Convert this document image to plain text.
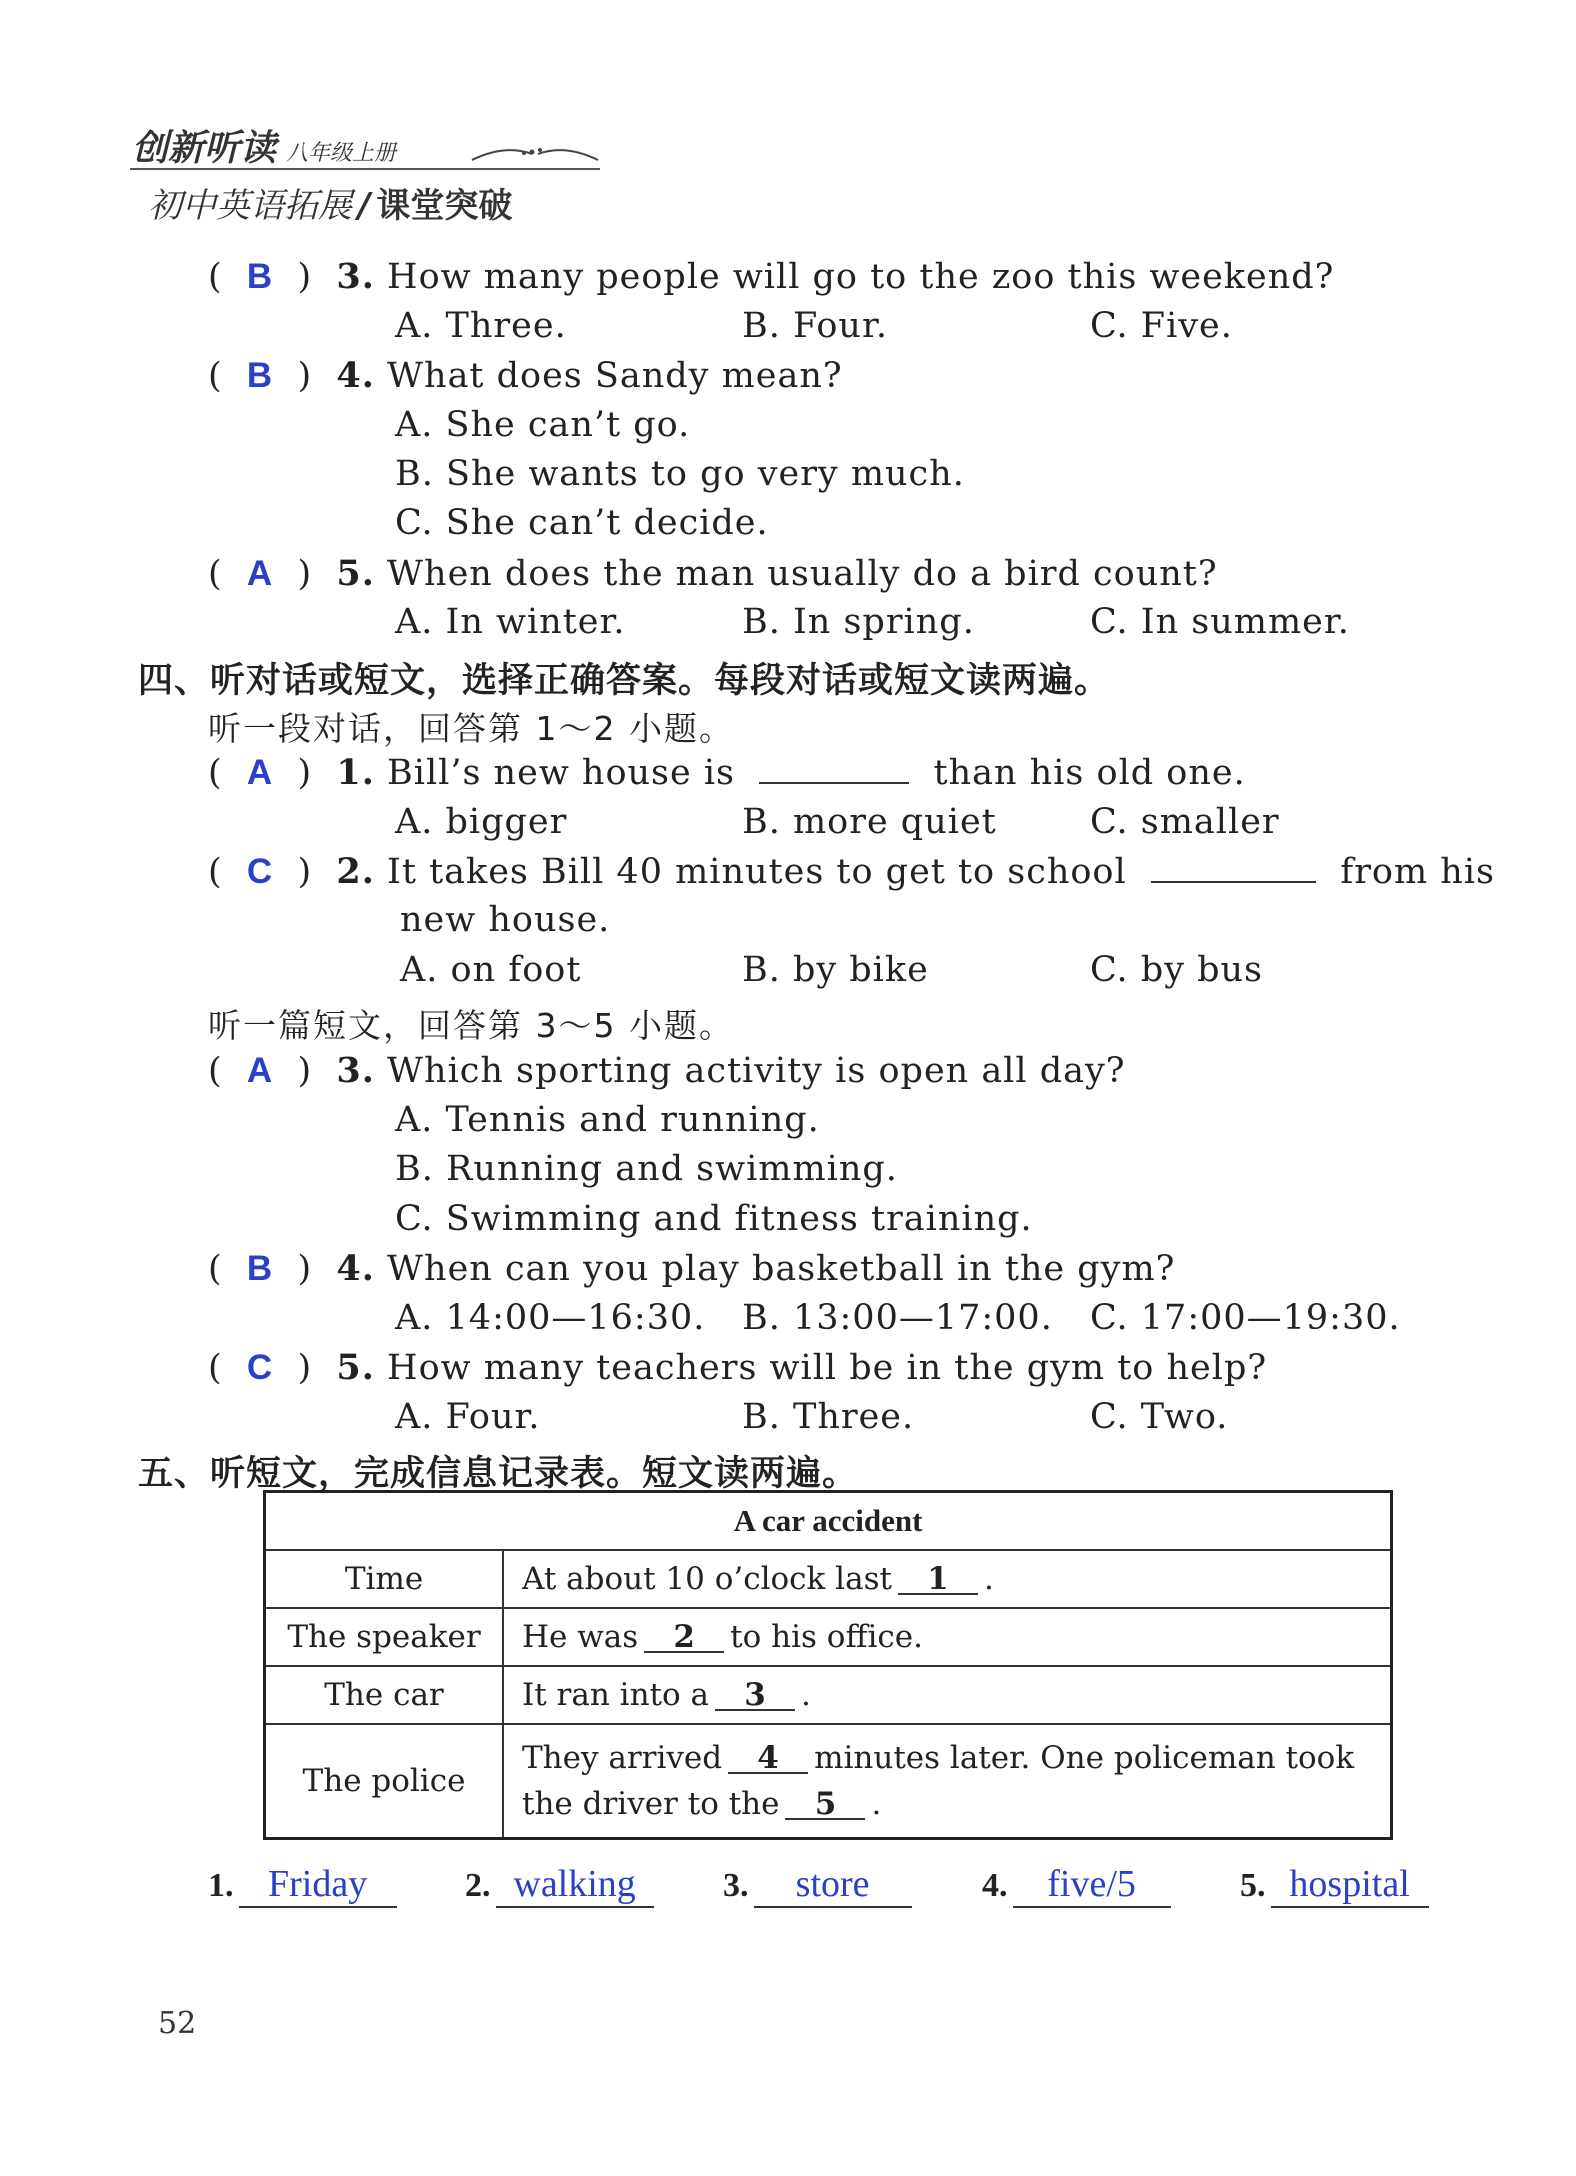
创新听读 八年级上册
初中英语拓展 / 课堂突破
(  B  )  3. How many people will go to the zoo this weekend?
A. Three.	B. Four.	C. Five.
(  B  )  4. What does Sandy mean?
A. She can’t go.
B. She wants to go very much.
C. She can’t decide.
(  A  )  5. When does the man usually do a bird count?
A. In winter.	B. In spring.	C. In summer.
四、听对话或短文，选择正确答案。每段对话或短文读两遍。
听一段对话，回答第 1～2 小题。
(  A  )  1. Bill’s new house is	than his old one.
A. bigger	B. more quiet	C. smaller
(  C  )  2. It takes Bill 40 minutes to get to school	from his
new house.
A. on foot	B. by bike	C. by bus
听一篇短文，回答第 3～5 小题。
(  A  )  3. Which sporting activity is open all day?
A. Tennis and running.
B. Running and swimming.
C. Swimming and fitness training.
(  B  )  4. When can you play basketball in the gym?
A. 14:00—16:30. B. 13:00—17:00. C. 17:00—19:30.
(  C  )  5. How many teachers will be in the gym to help?
A. Four.	B. Three.	C. Two.
五、听短文，完成信息记录表。短文读两遍。
A car accident	
Time	At about 10 o’clock last 1 .
The speaker	He was 2 to his office.
The car	It ran into a 3 .
The police	They arrived 4 minutes later. One policeman took
the driver to the 5 .
1. Friday	2. walking	3. store	4. five/5	5. hospital
52
